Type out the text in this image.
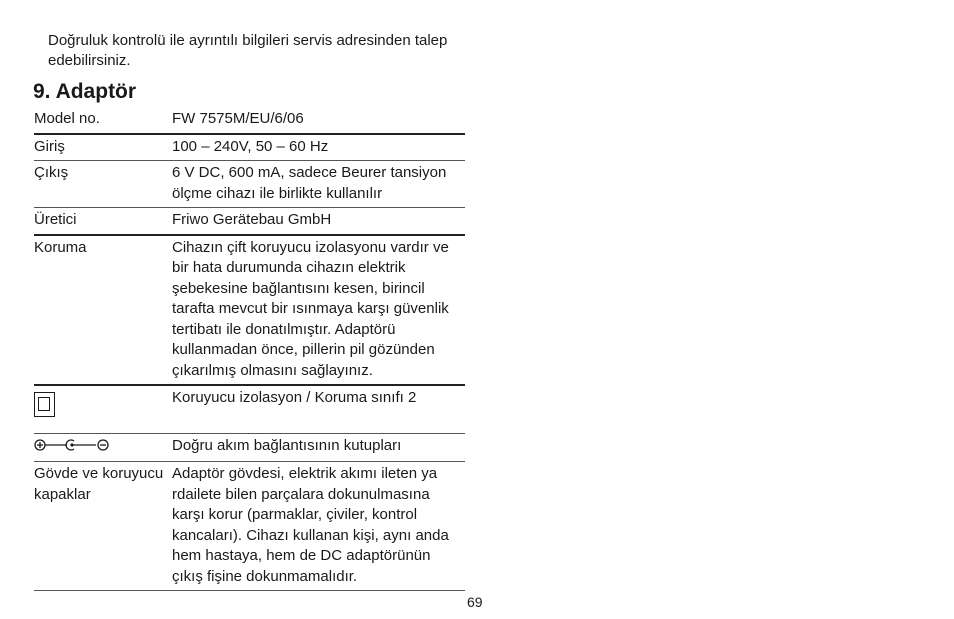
Doğruluk kontrolü ile ayrıntılı bilgileri servis adresinden talep edebilirsiniz.
9. Adaptör
Model no.	FW 7575M/EU/6/06
Giriş	100 – 240V, 50 – 60 Hz
Çıkış	6 V DC, 600 mA, sadece Beurer tansiyon ölçme cihazı ile birlikte kullanılır
Üretici	Friwo Gerätebau GmbH
Koruma	Cihazın çift koruyucu izolasyonu vardır ve bir hata durumunda cihazın elektrik şebekesine bağlantısını kesen, birincil tarafta mevcut bir ısınmaya karşı güvenlik tertibatı ile donatılmıştır. Adaptörü kullanmadan önce, pillerin pil gözünden çıkarılmış olmasını sağlayınız.

	Koruyucu izolasyon / Koruma sınıfı 2
	Doğru akım bağlantısının kutupları
Gövde ve koruyucu kapaklar	Adaptör gövdesi, elektrik akımı ileten ya rdailete bilen parçalara dokunulmasına karşı korur (parmaklar, çiviler, kontrol kancaları). Cihazı kullanan kişi, aynı anda hem hastaya, hem de DC adaptörünün çıkış fişine dokunmamalıdır.
69
